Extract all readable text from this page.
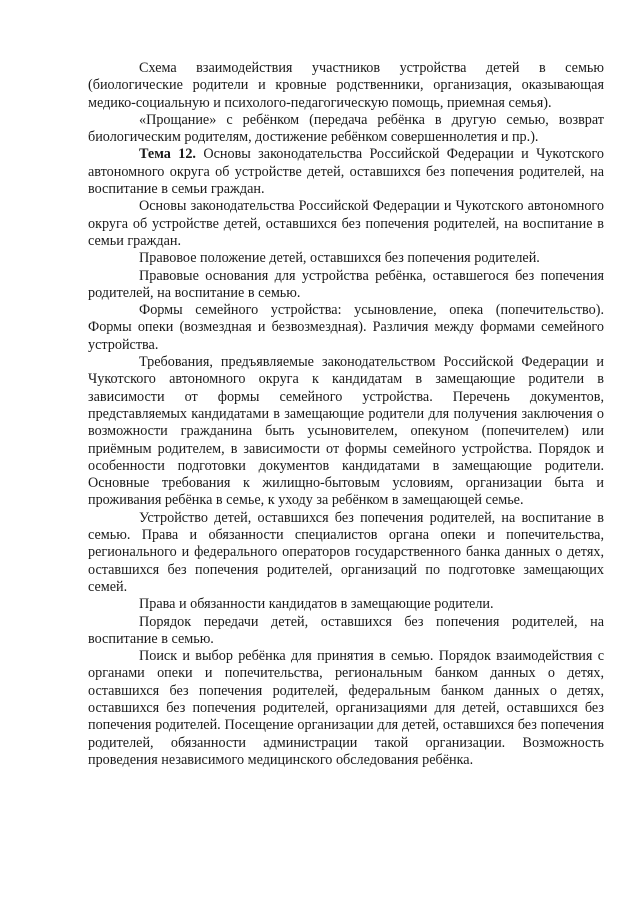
Схема взаимодействия участников устройства детей в семью (биологические родители и кровные родственники, организация, оказывающая медико-социальную и психолого-педагогическую помощь, приемная семья).

«Прощание» с ребёнком (передача ребёнка в другую семью, возврат биологическим родителям, достижение ребёнком совершеннолетия и пр.).

Тема 12. Основы законодательства Российской Федерации и Чукотского автономного округа об устройстве детей, оставшихся без попечения родителей, на воспитание в семьи граждан.

Основы законодательства Российской Федерации и Чукотского автономного округа об устройстве детей, оставшихся без попечения родителей, на воспитание в семьи граждан.

Правовое положение детей, оставшихся без попечения родителей.

Правовые основания для устройства ребёнка, оставшегося без попечения родителей, на воспитание в семью.

Формы семейного устройства: усыновление, опека (попечительство). Формы опеки (возмездная и безвозмездная). Различия между формами семейного устройства.

Требования, предъявляемые законодательством Российской Федерации и Чукотского автономного округа к кандидатам в замещающие родители в зависимости от формы семейного устройства. Перечень документов, представляемых кандидатами в замещающие родители для получения заключения о возможности гражданина быть усыновителем, опекуном (попечителем) или приёмным родителем, в зависимости от формы семейного устройства. Порядок и особенности подготовки документов кандидатами в замещающие родители. Основные требования к жилищно-бытовым условиям, организации быта и проживания ребёнка в семье, к уходу за ребёнком в замещающей семье.

Устройство детей, оставшихся без попечения родителей, на воспитание в семью. Права и обязанности специалистов органа опеки и попечительства, регионального и федерального операторов государственного банка данных о детях, оставшихся без попечения родителей, организаций по подготовке замещающих семей.

Права и обязанности кандидатов в замещающие родители.

Порядок передачи детей, оставшихся без попечения родителей, на воспитание в семью.

Поиск и выбор ребёнка для принятия в семью. Порядок взаимодействия с органами опеки и попечительства, региональным банком данных о детях, оставшихся без попечения родителей, федеральным банком данных о детях, оставшихся без попечения родителей, организациями для детей, оставшихся без попечения родителей. Посещение организации для детей, оставшихся без попечения родителей, обязанности администрации такой организации. Возможность проведения независимого медицинского обследования ребёнка.
